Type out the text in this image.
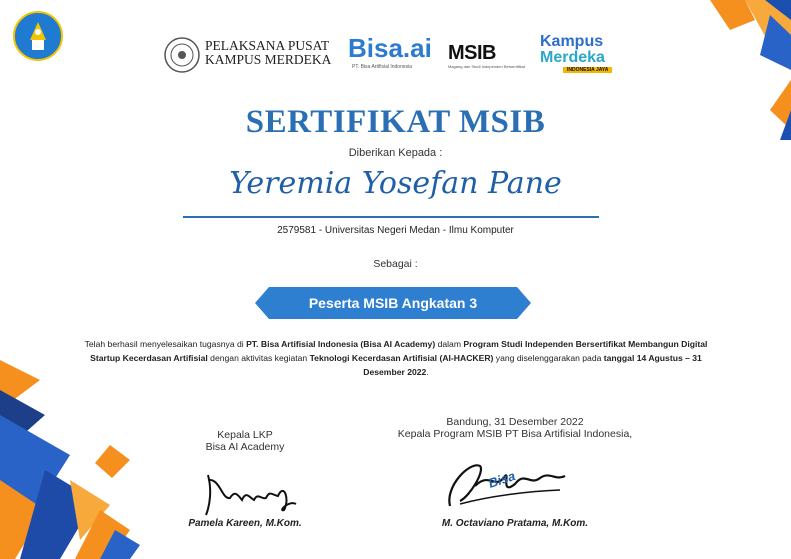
PELAKSANA PUSAT
KAMPUS MERDEKA Bisa.ai
PT. Bisa Artifisial Indonesia
MSIB
Magang dan Studi Independen Bersertifikat
Kampus
Merdeka
INDONESIA JAYA
SERTIFIKAT MSIB
Diberikan Kepada :
Yeremia Yosefan Pane
2579581 - Universitas Negeri Medan - Ilmu Komputer
Sebagai :
Peserta MSIB Angkatan 3
Telah berhasil menyelesaikan tugasnya di PT. Bisa Artifisial Indonesia (Bisa AI Academy) dalam Program Studi Independen Bersertifikat Membangun Digital Startup Kecerdasan Artifisial dengan aktivitas kegiatan Teknologi Kecerdasan Artifisial (AI-HACKER) yang diselenggarakan pada tanggal 14 Agustus – 31 Desember 2022.
Kepala LKP
Bisa AI Academy
Pamela Kareen, M.Kom.
Bandung, 31 Desember 2022
Kepala Program MSIB PT Bisa Artifisial Indonesia,
Bisa
M. Octaviano Pratama, M.Kom.
